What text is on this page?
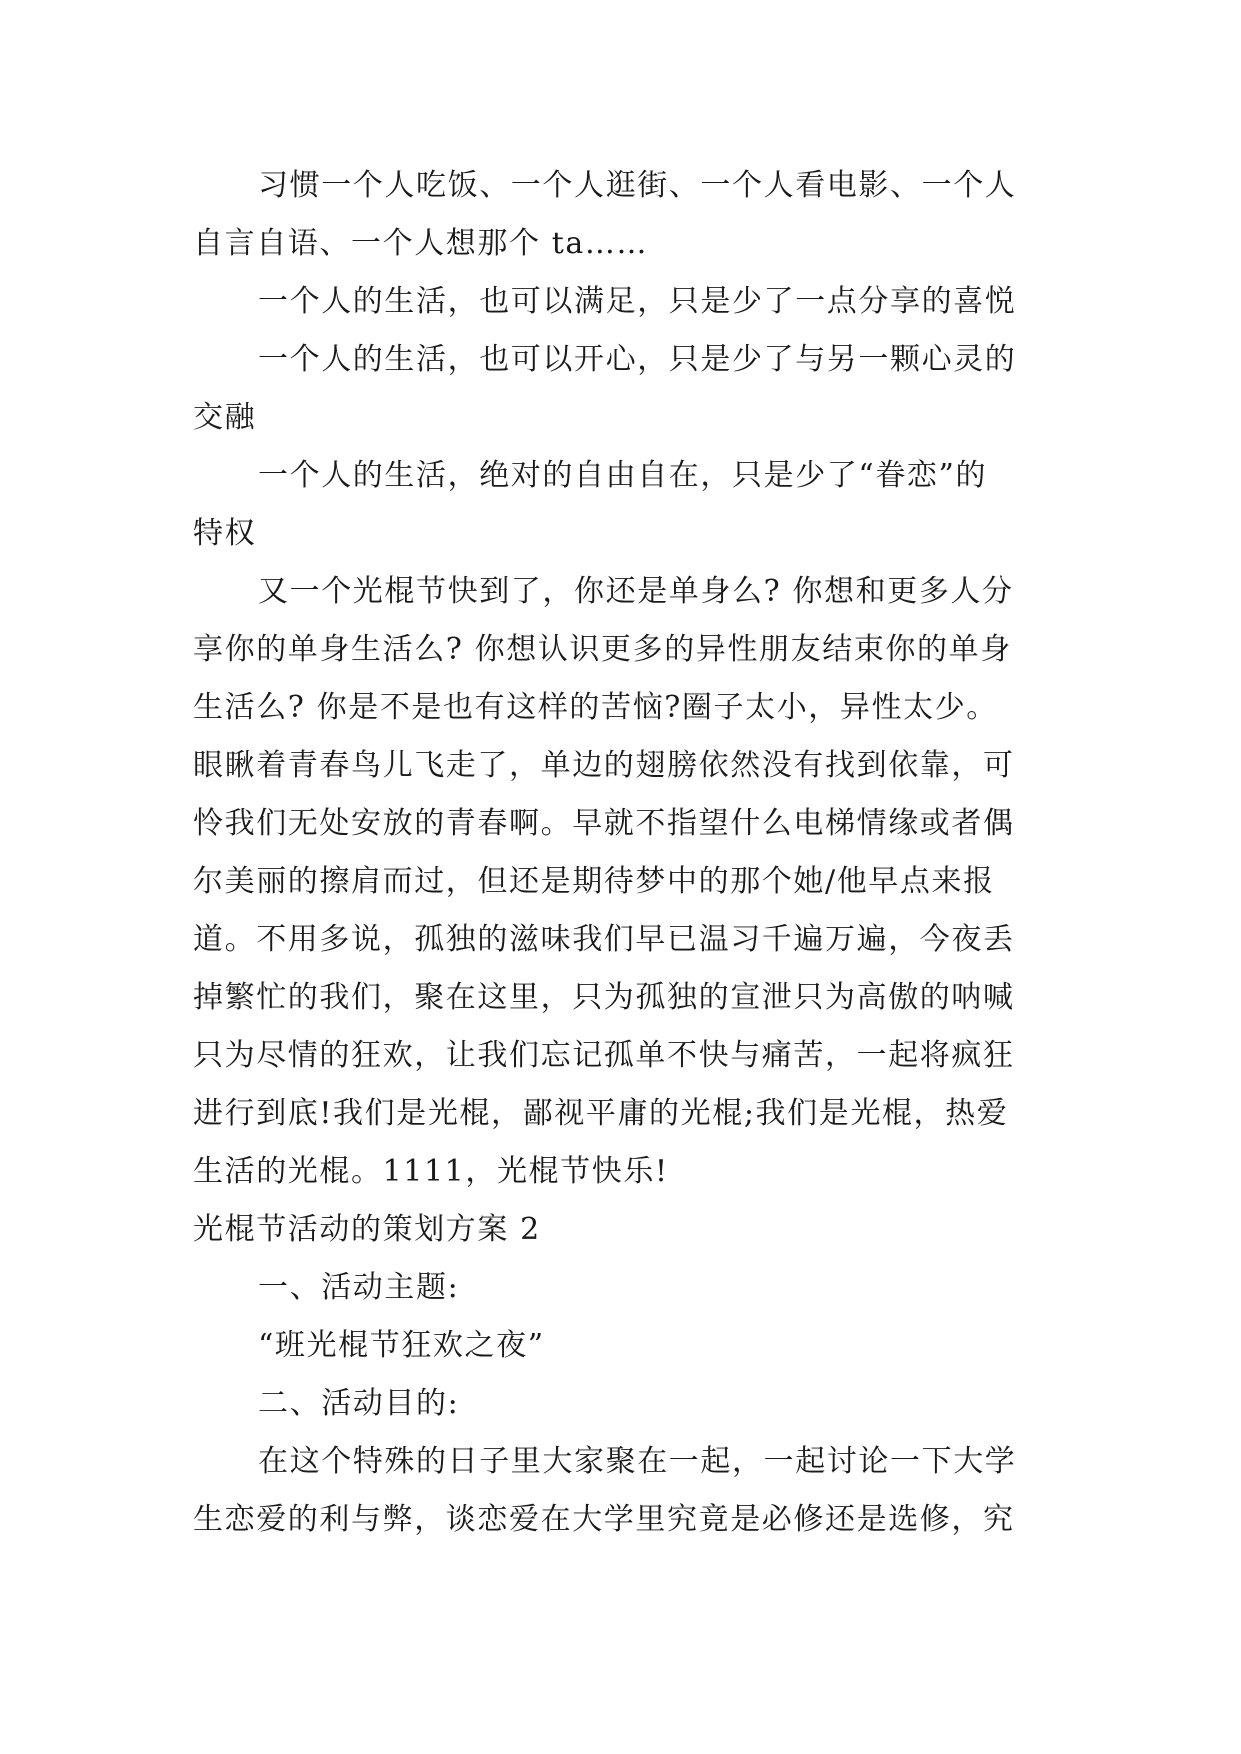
习惯一个人吃饭、一个人逛街、一个人看电影、一个人
自言自语、一个人想那个 ta……
一个人的生活，也可以满足，只是少了一点分享的喜悦
一个人的生活，也可以开心，只是少了与另一颗心灵的
交融
一个人的生活，绝对的自由自在，只是少了“眷恋”的
特权
又一个光棍节快到了，你还是单身么? 你想和更多人分
享你的单身生活么? 你想认识更多的异性朋友结束你的单身
生活么? 你是不是也有这样的苦恼?圈子太小，异性太少。
眼瞅着青春鸟儿飞走了，单边的翅膀依然没有找到依靠，可
怜我们无处安放的青春啊。早就不指望什么电梯情缘或者偶
尔美丽的擦肩而过，但还是期待梦中的那个她/他早点来报
道。不用多说，孤独的滋味我们早已温习千遍万遍，今夜丢
掉繁忙的我们，聚在这里，只为孤独的宣泄只为高傲的呐喊
只为尽情的狂欢，让我们忘记孤单不快与痛苦，一起将疯狂
进行到底!我们是光棍，鄙视平庸的光棍;我们是光棍，热爱
生活的光棍。1111，光棍节快乐!
光棍节活动的策划方案 2
一、活动主题:
“班光棍节狂欢之夜”
二、活动目的:
在这个特殊的日子里大家聚在一起，一起讨论一下大学
生恋爱的利与弊，谈恋爱在大学里究竟是必修还是选修，究
